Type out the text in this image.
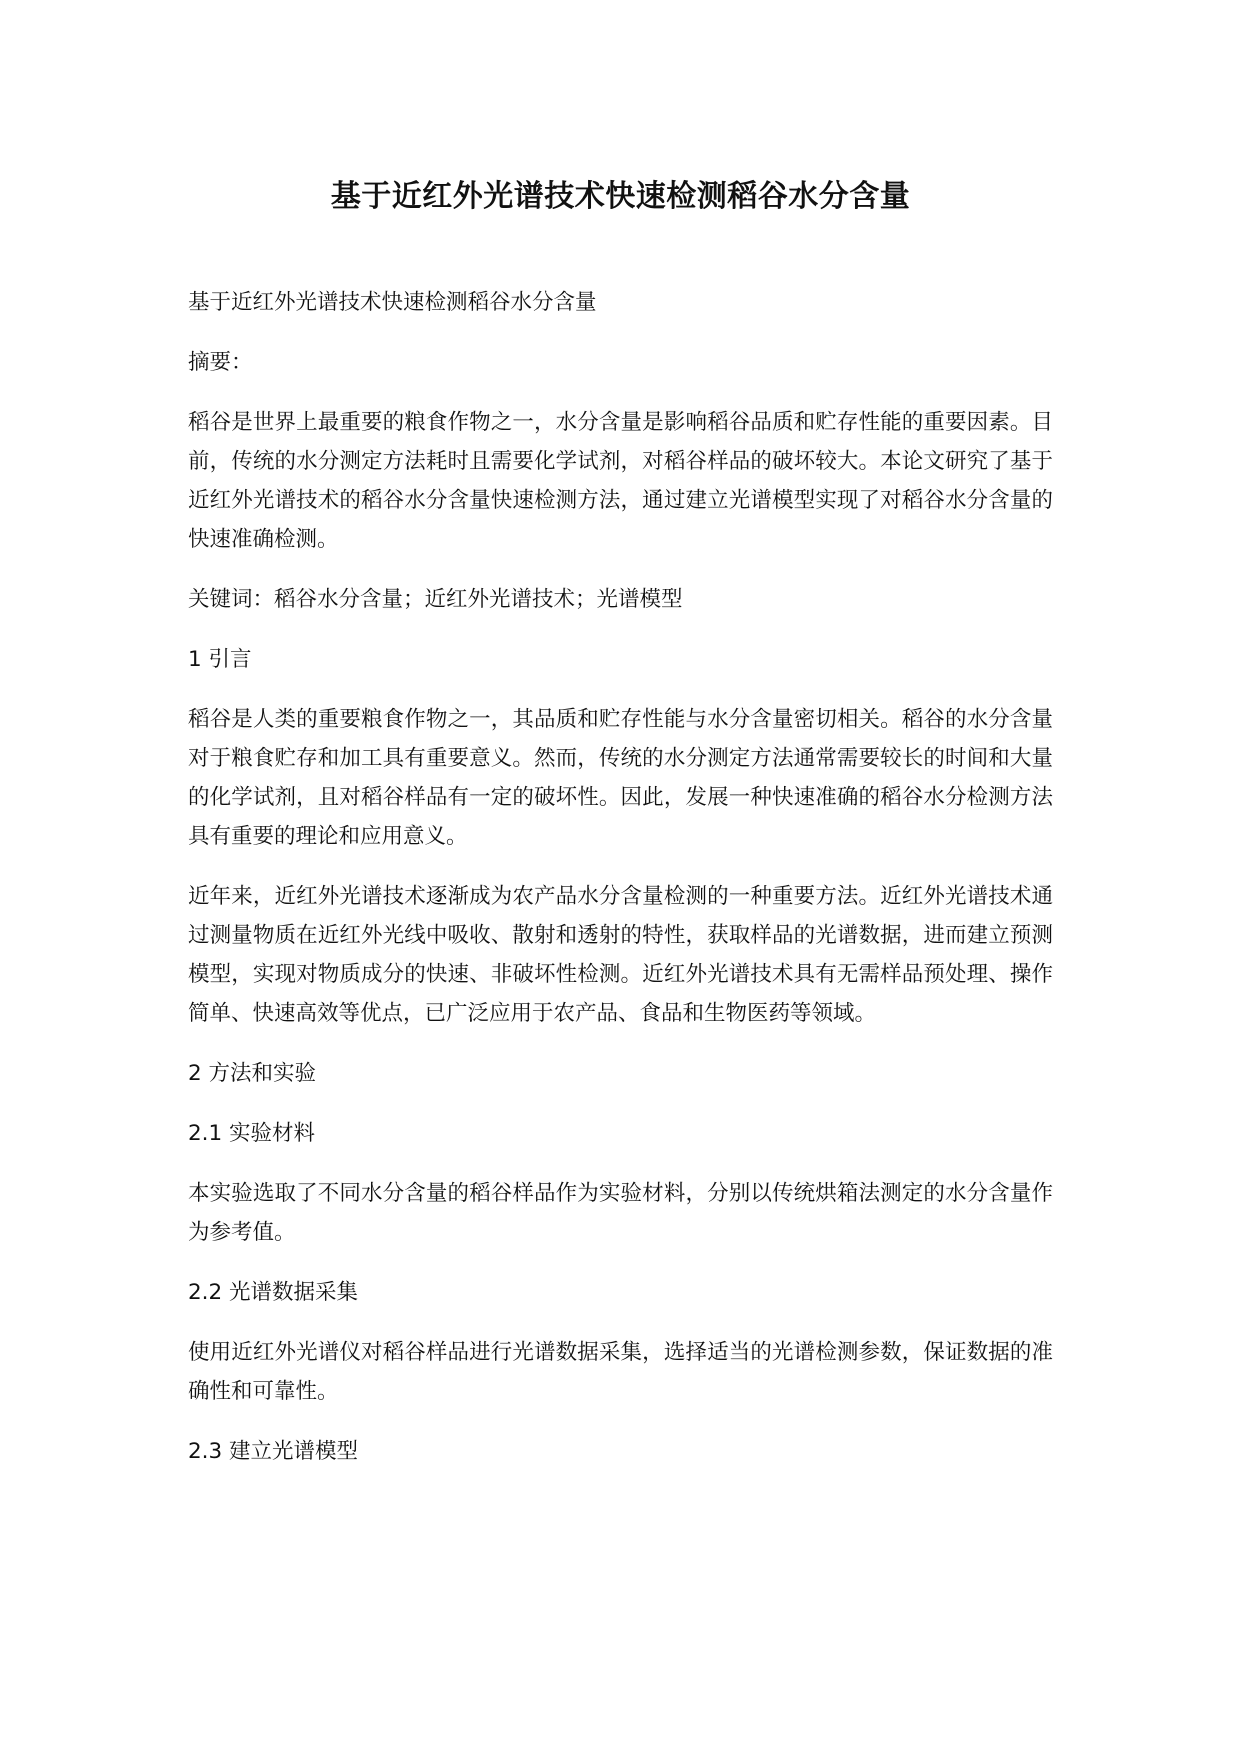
基于近红外光谱技术快速检测稻谷水分含量

基于近红外光谱技术快速检测稻谷水分含量

摘要：

稻谷是世界上最重要的粮食作物之一，水分含量是影响稻谷品质和贮存性能的重要因素。目前，传统的水分测定方法耗时且需要化学试剂，对稻谷样品的破坏较大。本论文研究了基于近红外光谱技术的稻谷水分含量快速检测方法，通过建立光谱模型实现了对稻谷水分含量的快速准确检测。

关键词：稻谷水分含量；近红外光谱技术；光谱模型

1 引言

稻谷是人类的重要粮食作物之一，其品质和贮存性能与水分含量密切相关。稻谷的水分含量对于粮食贮存和加工具有重要意义。然而，传统的水分测定方法通常需要较长的时间和大量的化学试剂，且对稻谷样品有一定的破坏性。因此，发展一种快速准确的稻谷水分检测方法具有重要的理论和应用意义。

近年来，近红外光谱技术逐渐成为农产品水分含量检测的一种重要方法。近红外光谱技术通过测量物质在近红外光线中吸收、散射和透射的特性，获取样品的光谱数据，进而建立预测模型，实现对物质成分的快速、非破坏性检测。近红外光谱技术具有无需样品预处理、操作简单、快速高效等优点，已广泛应用于农产品、食品和生物医药等领域。

2 方法和实验

2.1 实验材料

本实验选取了不同水分含量的稻谷样品作为实验材料，分别以传统烘箱法测定的水分含量作为参考值。

2.2 光谱数据采集

使用近红外光谱仪对稻谷样品进行光谱数据采集，选择适当的光谱检测参数，保证数据的准确性和可靠性。

2.3 建立光谱模型
